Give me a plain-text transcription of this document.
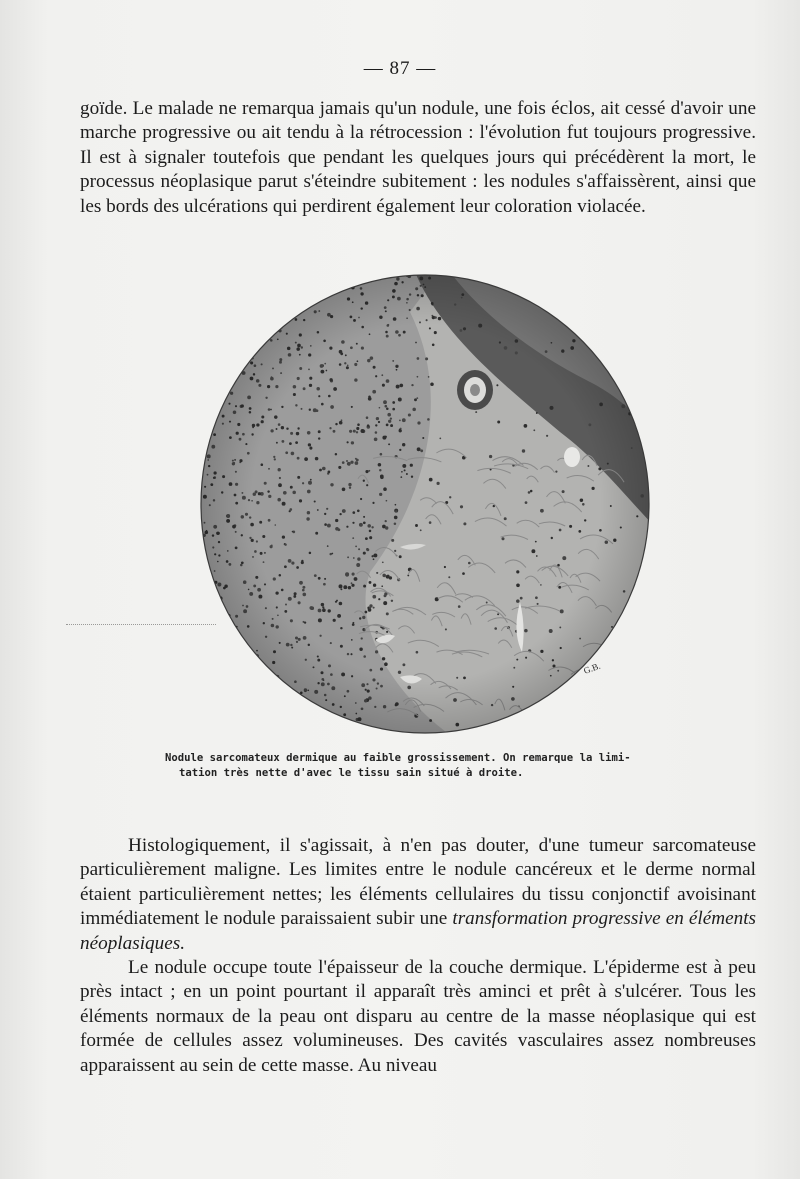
— 87 —

goïde. Le malade ne remarqua jamais qu'un nodule, une fois éclos, ait cessé d'avoir une marche progressive ou ait tendu à la rétrocession : l'évolution fut toujours progressive. Il est à signaler toutefois que pendant les quelques jours qui précédèrent la mort, le processus néoplasique parut s'éteindre subitement : les nodules s'affaissèrent, ainsi que les bords des ulcérations qui perdirent également leur coloration violacée.

G.B.

Nodule sarcomateux dermique au faible grossissement. On remarque la limi-
tation très nette d'avec le tissu sain situé à droite.

Histologiquement, il s'agissait, à n'en pas douter, d'une tumeur sarcomateuse particulièrement maligne. Les limites entre le nodule cancéreux et le derme normal étaient particulièrement nettes; les éléments cellulaires du tissu conjonctif avoisinant immédiatement le nodule paraissaient subir une transformation progressive en éléments néoplasiques.

Le nodule occupe toute l'épaisseur de la couche dermique. L'épiderme est à peu près intact ; en un point pourtant il apparaît très aminci et prêt à s'ulcérer. Tous les éléments normaux de la peau ont disparu au centre de la masse néoplasique qui est formée de cellules assez volumineuses. Des cavités vasculaires assez nombreuses apparaissent au sein de cette masse. Au niveau
